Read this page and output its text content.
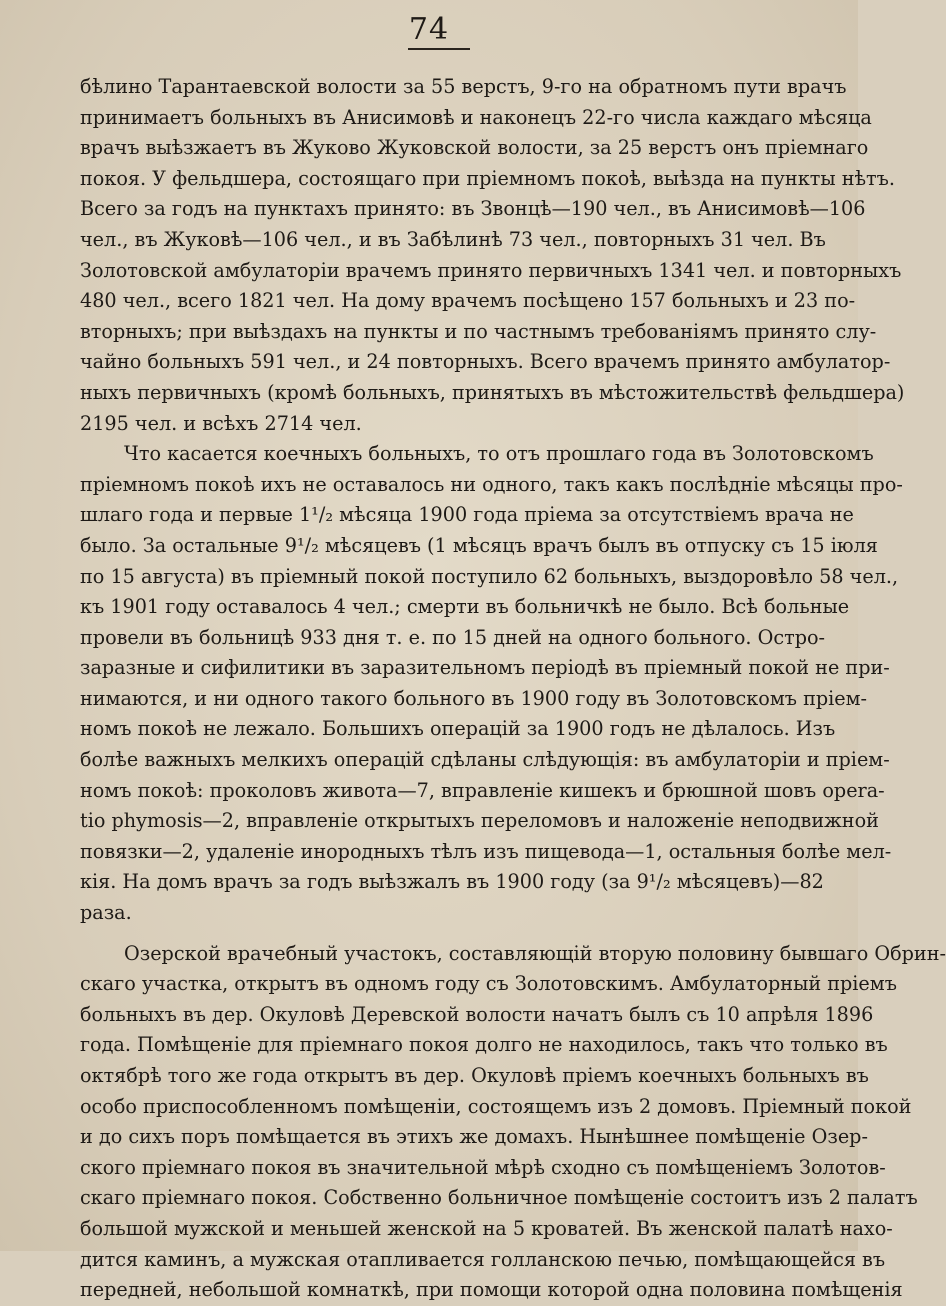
74
бѣлино Тарантаевской волости за 55 верстъ, 9-го на обратномъ пути врачъ
принимаетъ больныхъ въ Анисимовѣ и наконецъ 22-го числа каждаго мѣсяца
врачъ выѣзжаетъ въ Жуково Жуковской волости, за 25 верстъ онъ пріемнаго
покоя. У фельдшера, состоящаго при пріемномъ покоѣ, выѣзда на пункты нѣтъ.
Всего за годъ на пунктахъ принято: въ Звонцѣ—190 чел., въ Анисимовѣ—106
чел., въ Жуковѣ—106 чел., и въ Забѣлинѣ 73 чел., повторныхъ 31 чел. Въ
Золотовской амбулаторіи врачемъ принято первичныхъ 1341 чел. и повторныхъ
480 чел., всего 1821 чел. На дому врачемъ посѣщено 157 больныхъ и 23 по-
вторныхъ; при выѣздахъ на пункты и по частнымъ требованіямъ принято слу-
чайно больныхъ 591 чел., и 24 повторныхъ. Всего врачемъ принято амбулатор-
ныхъ первичныхъ (кромѣ больныхъ, принятыхъ въ мѣстожительствѣ фельдшера)
2195 чел. и всѣхъ 2714 чел.
Что касается коечныхъ больныхъ, то отъ прошлаго года въ Золотовскомъ
пріемномъ покоѣ ихъ не оставалось ни одного, такъ какъ послѣдніе мѣсяцы про-
шлаго года и первые 1¹/₂ мѣсяца 1900 года пріема за отсутствіемъ врача не
было. За остальные 9¹/₂ мѣсяцевъ (1 мѣсяцъ врачъ былъ въ отпуску съ 15 іюля
по 15 августа) въ пріемный покой поступило 62 больныхъ, выздоровѣло 58 чел.,
къ 1901 году оставалось 4 чел.; смерти въ больничкѣ не было. Всѣ больные
провели въ больницѣ 933 дня т. е. по 15 дней на одного больного. Остро-
заразные и сифилитики въ заразительномъ періодѣ въ пріемный покой не при-
нимаются, и ни одного такого больного въ 1900 году въ Золотовскомъ пріем-
номъ покоѣ не лежало. Большихъ операцій за 1900 годъ не дѣлалось. Изъ
болѣе важныхъ мелкихъ операцій сдѣланы слѣдующія: въ амбулаторіи и пріем-
номъ покоѣ: проколовъ живота—7, вправленіе кишекъ и брюшной шовъ opera-
tio phymosis—2, вправленіе открытыхъ переломовъ и наложеніе неподвижной
повязки—2, удаленіе инородныхъ тѣлъ изъ пищевода—1, остальныя болѣе мел-
кія. На домъ врачъ за годъ выѣзжалъ въ 1900 году (за 9¹/₂ мѣсяцевъ)—82
раза.
Озерской врачебный участокъ, составляющій вторую половину бывшаго Обрин-
скаго участка, открытъ въ одномъ году съ Золотовскимъ. Амбулаторный пріемъ
больныхъ въ дер. Окуловѣ Деревской волости начатъ былъ съ 10 апрѣля 1896
года. Помѣщеніе для пріемнаго покоя долго не находилось, такъ что только въ
октябрѣ того же года открытъ въ дер. Окуловѣ пріемъ коечныхъ больныхъ въ
особо приспособленномъ помѣщеніи, состоящемъ изъ 2 домовъ. Пріемный покой
и до сихъ поръ помѣщается въ этихъ же домахъ. Нынѣшнее помѣщеніе Озер-
ского пріемнаго покоя въ значительной мѣрѣ сходно съ помѣщеніемъ Золотов-
скаго пріемнаго покоя. Собственно больничное помѣщеніе состоитъ изъ 2 палатъ
большой мужской и меньшей женской на 5 кроватей. Въ женской палатѣ нахо-
дится каминъ, а мужская отапливается голланскою печью, помѣщающейся въ
передней, небольшой комнаткѣ, при помощи которой одна половина помѣщенія
